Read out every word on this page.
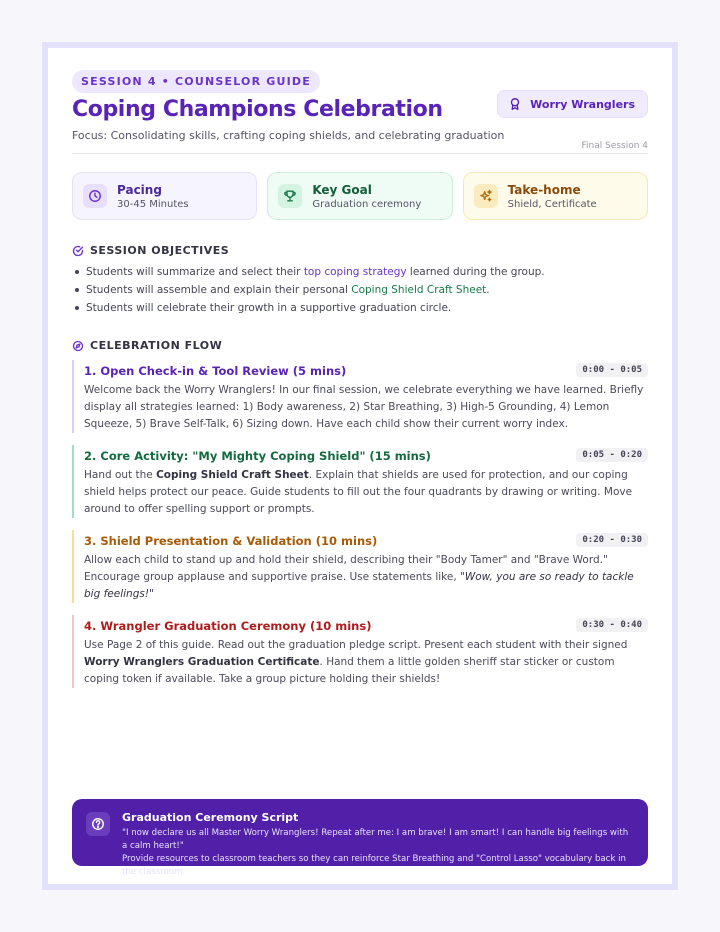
SESSION 4 • COUNSELOR GUIDE
Coping Champions Celebration
Focus: Consolidating skills, crafting coping shields, and celebrating graduation
Worry Wranglers
Final Session 4
Pacing
30-45 Minutes
Key Goal
Graduation ceremony
Take-home
Shield, Certificate
SESSION OBJECTIVES
Students will summarize and select their top coping strategy learned during the group.
Students will assemble and explain their personal Coping Shield Craft Sheet.
Students will celebrate their growth in a supportive graduation circle.
CELEBRATION FLOW
1. Open Check-in & Tool Review (5 mins)	0:00 - 0:05
Welcome back the Worry Wranglers! In our final session, we celebrate everything we have learned. Briefly display all strategies learned: 1) Body awareness, 2) Star Breathing, 3) High-5 Grounding, 4) Lemon Squeeze, 5) Brave Self-Talk, 6) Sizing down. Have each child show their current worry index.
2. Core Activity: "My Mighty Coping Shield" (15 mins)	0:05 - 0:20
Hand out the Coping Shield Craft Sheet. Explain that shields are used for protection, and our coping shield helps protect our peace. Guide students to fill out the four quadrants by drawing or writing. Move around to offer spelling support or prompts.
3. Shield Presentation & Validation (10 mins)	0:20 - 0:30
Allow each child to stand up and hold their shield, describing their "Body Tamer" and "Brave Word." Encourage group applause and supportive praise. Use statements like, "Wow, you are so ready to tackle big feelings!"
4. Wrangler Graduation Ceremony (10 mins)	0:30 - 0:40
Use Page 2 of this guide. Read out the graduation pledge script. Present each student with their signed Worry Wranglers Graduation Certificate. Hand them a little golden sheriff star sticker or custom coping token if available. Take a group picture holding their shields!
Graduation Ceremony Script
"I now declare us all Master Worry Wranglers! Repeat after me: I am brave! I am smart! I can handle big feelings with a calm heart!"
Provide resources to classroom teachers so they can reinforce Star Breathing and "Control Lasso" vocabulary back in the classroom.
